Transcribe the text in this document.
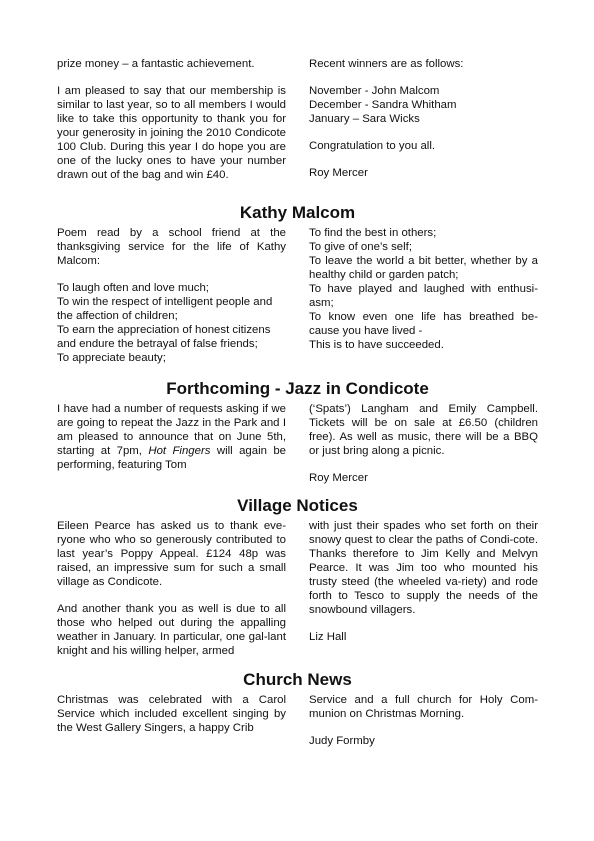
prize money – a fantastic achievement.

I am pleased to say that our membership is similar to last year, so to all members I would like to take this opportunity to thank you for your generosity in joining the 2010 Condicote 100 Club. During this year I do hope you are one of the lucky ones to have your number drawn out of the bag and win £40.

Recent winners are as follows:

November - John Malcom
December - Sandra Whitham
January – Sara Wicks

Congratulation to you all.

Roy Mercer

Kathy Malcom

Poem read by a school friend at the thanksgiving service for the life of Kathy Malcom:

To laugh often and love much;
To win the respect of intelligent people and the affection of children;
To earn the appreciation of honest citizens and endure the betrayal of false friends;
To appreciate beauty;

To find the best in others;
To give of one’s self;
To leave the world a bit better, whether by a healthy child or garden patch;
To have played and laughed with enthusi-asm;
To know even one life has breathed be-cause you have lived -
This is to have succeeded.

Forthcoming - Jazz in Condicote

I have had a number of requests asking if we are going to repeat the Jazz in the Park and I am pleased to announce that on June 5th, starting at 7pm, Hot Fingers will again be performing, featuring Tom

(‘Spats’) Langham and Emily Campbell. Tickets will be on sale at £6.50 (children free). As well as music, there will be a BBQ or just bring along a picnic.

Roy Mercer

Village Notices

Eileen Pearce has asked us to thank eve-ryone who who so generously contributed to last year’s Poppy Appeal. £124 48p was raised, an impressive sum for such a small village as Condicote.

And another thank you as well is due to all those who helped out during the appalling weather in January. In particular, one gal-lant knight and his willing helper, armed

with just their spades who set forth on their snowy quest to clear the paths of Condi-cote. Thanks therefore to Jim Kelly and Melvyn Pearce. It was Jim too who mounted his trusty steed (the wheeled va-riety) and rode forth to Tesco to supply the needs of the snowbound villagers.

Liz Hall

Church News

Christmas was celebrated with a Carol Service which included excellent singing by the West Gallery Singers, a happy Crib

Service and a full church for Holy Com-munion on Christmas Morning.

Judy Formby
